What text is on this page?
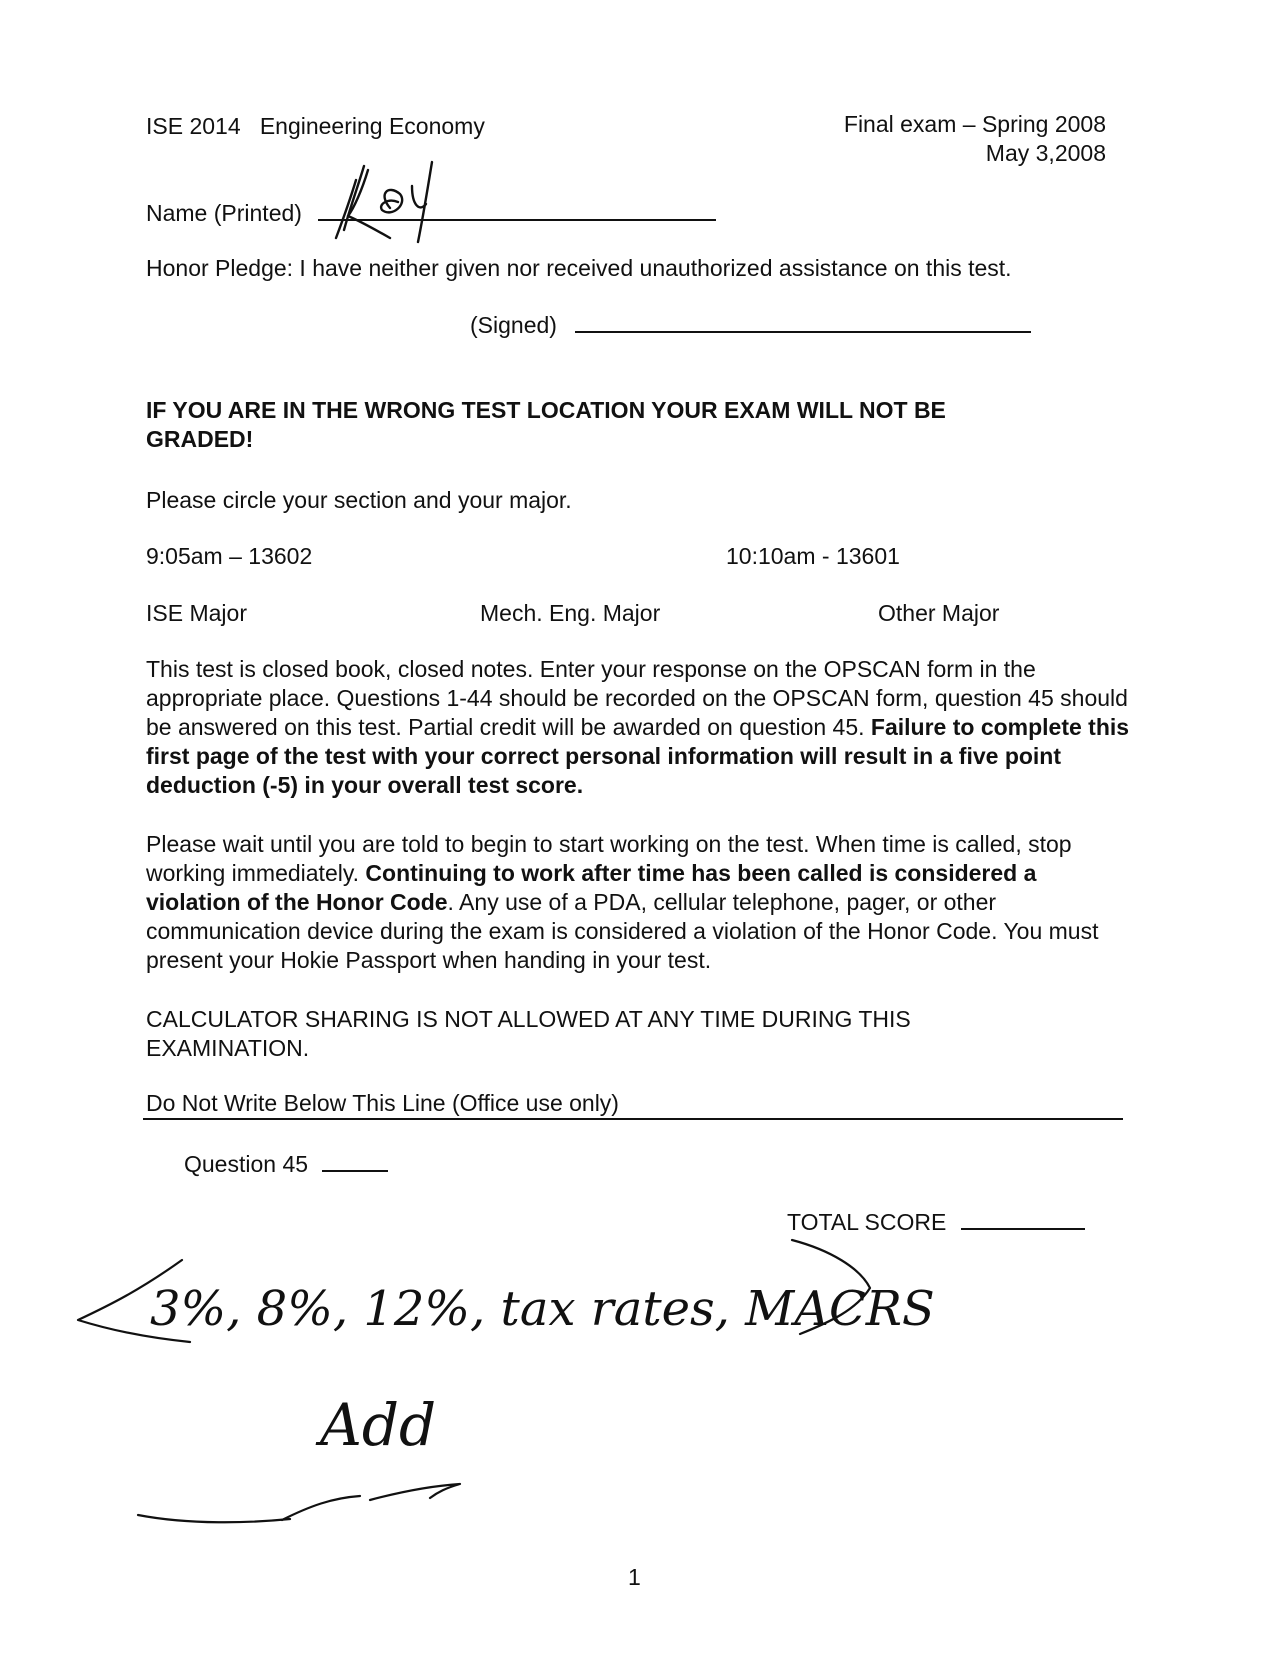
ISE 2014 Engineering Economy	Final exam – Spring 2008
May 3,2008
Name (Printed)
Honor Pledge: I have neither given nor received unauthorized assistance on this test.
(Signed)
IF YOU ARE IN THE WRONG TEST LOCATION YOUR EXAM WILL NOT BE
GRADED!
Please circle your section and your major.
9:05am – 13602	10:10am - 13601
ISE Major	Mech. Eng. Major	Other Major
This test is closed book, closed notes. Enter your response on the OPSCAN form in the appropriate place. Questions 1-44 should be recorded on the OPSCAN form, question 45 should be answered on this test. Partial credit will be awarded on question 45. Failure to complete this first page of the test with your correct personal information will result in a five point deduction (-5) in your overall test score.
Please wait until you are told to begin to start working on the test. When time is called, stop working immediately. Continuing to work after time has been called is considered a violation of the Honor Code. Any use of a PDA, cellular telephone, pager, or other communication device during the exam is considered a violation of the Honor Code. You must present your Hokie Passport when handing in your test.
CALCULATOR SHARING IS NOT ALLOWED AT ANY TIME DURING THIS EXAMINATION.
Do Not Write Below This Line (Office use only)
Question 45
TOTAL SCORE
3%, 8%, 12%, tax rates, MACRS
Add
1
